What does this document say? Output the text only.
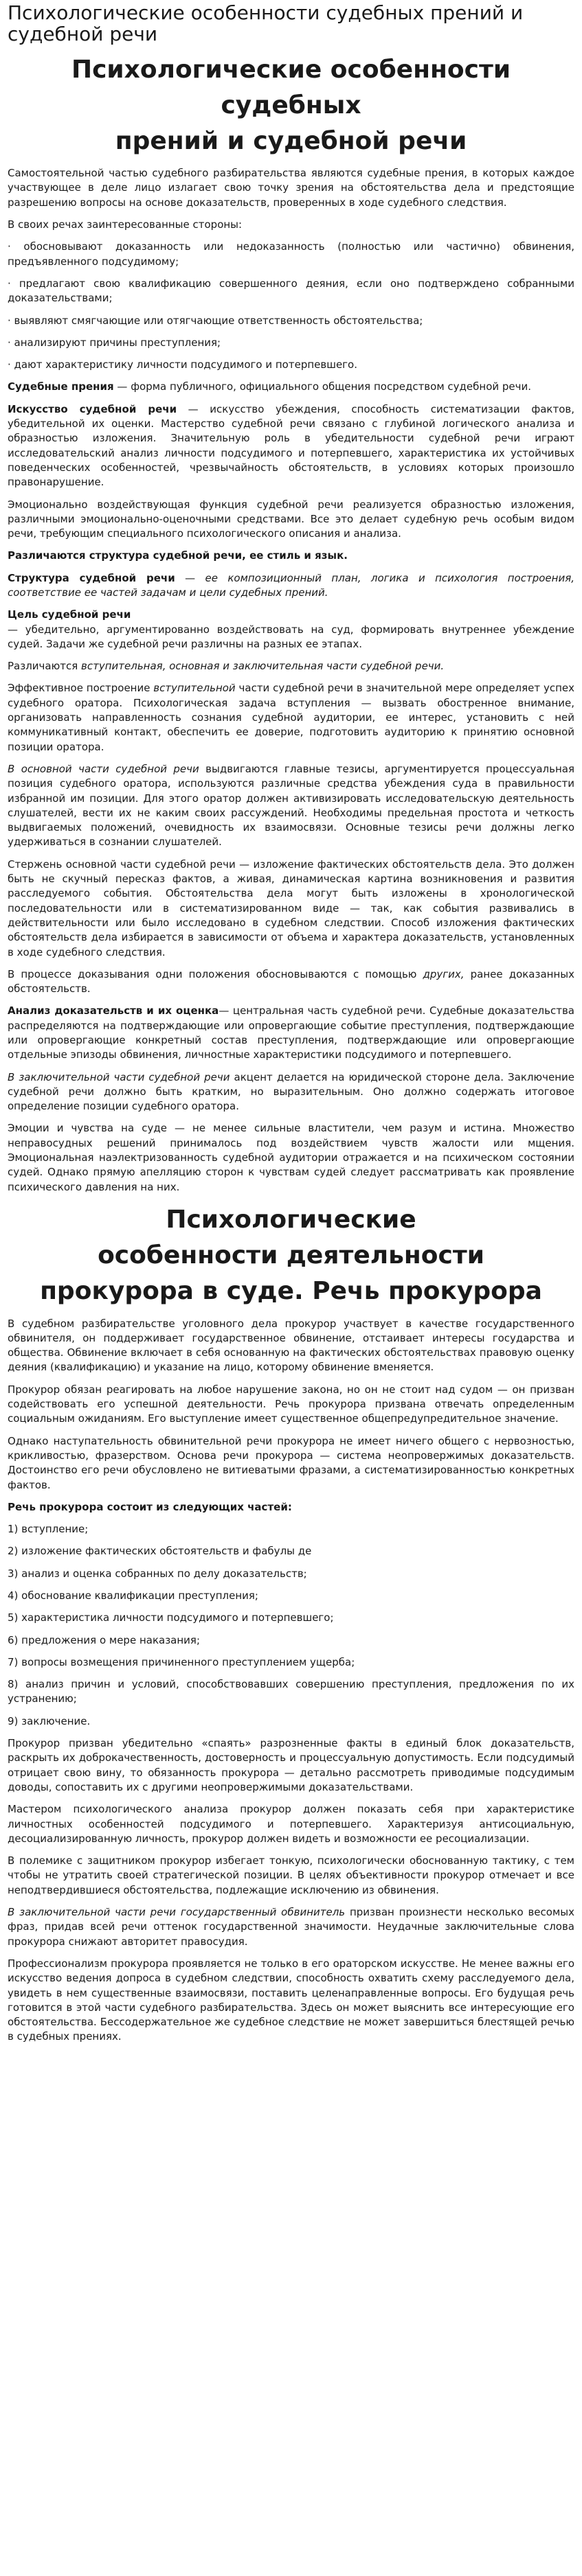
Психологические особенности судебных прений и судебной речи
Психологические особенности судебных
прений и судебной речи

Самостоятельной частью судебного разбирательства являются судебные прения, в которых каждое участвующее в деле лицо излагает свою точку зрения на обстоятельства дела и предстоящие разрешению вопросы на основе доказательств, проверенных в ходе судебного следствия.

В своих речах заинтересованные стороны:

· обосновывают доказанность или недоказанность (полностью или частично) обвинения, предъявленного подсудимому;

· предлагают свою квалификацию совершенного деяния, если оно подтверждено собранными доказательствами;

· выявляют смягчающие или отягчающие ответственность обстоятельства;

· анализируют причины преступления;

· дают характеристику личности подсудимого и потерпевшего.

Судебные прения — форма публичного, официального общения посредством судебной речи.

Искусство судебной речи — искусство убеждения, способность систематизации фактов, убедительной их оценки. Мастерство судебной речи связано с глубиной логического анализа и образностью изложения. Значительную роль в убедительности судебной речи играют исследовательский анализ личности подсудимого и потерпевшего, характеристика их устойчивых поведенческих особенностей, чрезвычайность обстоятельств, в условиях которых произошло правонарушение.

Эмоционально воздействующая функция судебной речи реализуется образностью изложения, различными эмоционально-оценочными средствами. Все это делает судебную речь особым видом речи, требующим специального психологического описания и анализа.

Различаются структура судебной речи, ее стиль и язык.

Структура судебной речи — ее композиционный план, логика и психология построения, соответствие ее частей задачам и цели судебных прений.

Цель судебной речи
— убедительно, аргументированно воздействовать на суд, формировать внутреннее убеждение судей. Задачи же судебной речи различны на разных ее этапах.

Различаются вступительная, основная и заключительная части судебной речи.

Эффективное построение вступительной части судебной речи в значительной мере определяет успех судебного оратора. Психологическая задача вступления — вызвать обостренное внимание, организовать направленность сознания судебной аудитории, ее интерес, установить с ней коммуникативный контакт, обеспечить ее доверие, подготовить аудиторию к принятию основной позиции оратора.

В основной части судебной речи выдвигаются главные тезисы, аргументируется процессуальная позиция судебного оратора, используются различные средства убеждения суда в правильности избранной им позиции. Для этого оратор должен активизировать исследовательскую деятельность слушателей, вести их не каким своих рассуждений. Необходимы предельная простота и четкость выдвигаемых положений, очевидность их взаимосвязи. Основные тезисы речи должны легко удерживаться в сознании слушателей.

Стержень основной части судебной речи — изложение фактических обстоятельств дела. Это должен быть не скучный пересказ фактов, а живая, динамическая картина возникновения и развития расследуемого события. Обстоятельства дела могут быть изложены в хронологической последовательности или в систематизированном виде — так, как события развивались в действительности или было исследовано в судебном следствии. Способ изложения фактических обстоятельств дела избирается в зависимости от объема и характера доказательств, установленных в ходе судебного следствия.

В процессе доказывания одни положения обосновываются с помощью других, ранее доказанных обстоятельств.

Анализ доказательств и их оценка— центральная часть судебной речи. Судебные доказательства распределяются на подтверждающие или опровергающие событие преступления, подтверждающие или опровергающие конкретный состав преступления, подтверждающие или опровергающие отдельные эпизоды обвинения, личностные характеристики подсудимого и потерпевшего.

В заключительной части судебной речи акцент делается на юридической стороне дела. Заключение судебной речи должно быть кратким, но выразительным. Оно должно содержать итоговое определение позиции судебного оратора.

Эмоции и чувства на суде — не менее сильные властители, чем разум и истина. Множество неправосудных решений принималось под воздействием чувств жалости или мщения. Эмоциональная наэлектризованность судебной аудитории отражается и на психическом состоянии судей. Однако прямую апелляцию сторон к чувствам судей следует рассматривать как проявление психического давления на них.

Психологические
особенности деятельности
прокурора в суде. Речь прокурора

В судебном разбирательстве уголовного дела прокурор участвует в качестве государственного обвинителя, он поддерживает государственное обвинение, отстаивает интересы государства и общества. Обвинение включает в себя основанную на фактических обстоятельствах правовую оценку деяния (квалификацию) и указание на лицо, которому обвинение вменяется.

Прокурор обязан реагировать на любое нарушение закона, но он не стоит над судом — он призван содействовать его успешной деятельности. Речь прокурора призвана отвечать определенным социальным ожиданиям. Его выступление имеет существенное общепредупредительное значение.

Однако наступательность обвинительной речи прокурора не имеет ничего общего с нервозностью, крикливостью, фразерством. Основа речи прокурора — система неопровержимых доказательств. Достоинство его речи обусловлено не витиеватыми фразами, а систематизированностью конкретных фактов.

Речь прокурора состоит из следующих частей:

1) вступление;

2) изложение фактических обстоятельств и фабулы де

3) анализ и оценка собранных по делу доказательств;

4) обоснование квалификации преступления;

5) характеристика личности подсудимого и потерпевшего;

6) предложения о мере наказания;

7) вопросы возмещения причиненного преступлением ущерба;

8) анализ причин и условий, способствовавших совершению преступления, предложения по их устранению;

9) заключение.

Прокурор призван убедительно «спаять» разрозненные факты в единый блок доказательств, раскрыть их доброкачественность, достоверность и процессуальную допустимость. Если подсудимый отрицает свою вину, то обязанность прокурора — детально рассмотреть приводимые подсудимым доводы, сопоставить их с другими неопровержимыми доказательствами.

Мастером психологического анализа прокурор должен показать себя при характеристике личностных особенностей подсудимого и потерпевшего. Характеризуя антисоциальную, десоциализированную личность, прокурор должен видеть и возможности ее ресоциализации.

В полемике с защитником прокурор избегает тонкую, психологически обоснованную тактику, с тем чтобы не утратить своей стратегической позиции. В целях объективности прокурор отмечает и все неподтвердившиеся обстоятельства, подлежащие исключению из обвинения.

В заключительной части речи государственный обвинитель призван произнести несколько весомых фраз, придав всей речи оттенок государственной значимости. Неудачные заключительные слова прокурора снижают авторитет правосудия.

Профессионализм прокурора проявляется не только в его ораторском искусстве. Не менее важны его искусство ведения допроса в судебном следствии, способность охватить схему расследуемого дела, увидеть в нем существенные взаимосвязи, поставить целенаправленные вопросы. Его будущая речь готовится в этой части судебного разбирательства. Здесь он может выяснить все интересующие его обстоятельства. Бессодержательное же судебное следствие не может завершиться блестящей речью в судебных прениях.
